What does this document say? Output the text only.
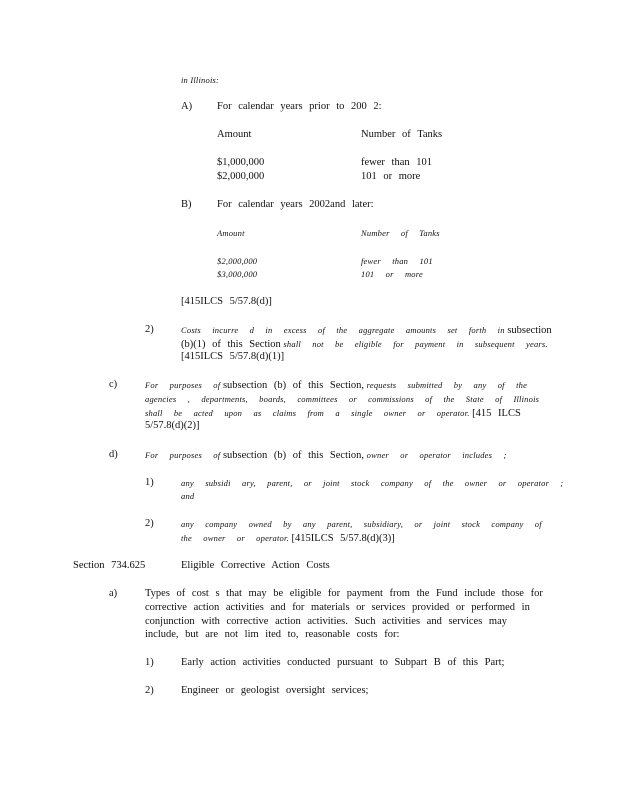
in Illinois:
A) For calendar years prior to 200 2:
Amount	Number of Tanks
$1,000,000	fewer than 101
$2,000,000	101 or more
B) For calendar years 2002and later:
Amount	Number of Tanks
$2,000,000	fewer than 101
$3,000,000	101 or more
[415ILCS 5/57.8(d)]
2)	Costs incurre d in excess of the aggregate amounts set forth in subsection
(b)(1) of this Section shall not be eligible for payment in subsequent years.
[415ILCS 5/57.8(d)(1)]
c)	For purposes of subsection (b) of this Section, requests submitted by any of the
agencies , departments, boards, committees or commissions of the State of Illinois
shall be acted upon as claims from a single owner or operator. [415 ILCS
5/57.8(d)(2)]
d)	For purposes of subsection (b) of this Section, owner or operator includes ;
1)	any subsidi ary, parent, or joint stock company of the owner or operator ;
and
2)	any company owned by any parent, subsidiary, or joint stock company of
the owner or operator. [415ILCS 5/57.8(d)(3)]
Section 734.625	Eligible Corrective Action Costs
a)	Types of cost s that may be eligible for payment from the Fund include those for
corrective action activities and for materials or services provided or performed in
conjunction with corrective action activities. Such activities and services may
include, but are not lim ited to, reasonable costs for:
1)	Early action activities conducted pursuant to Subpart B of this Part;
2)	Engineer or geologist oversight services;
